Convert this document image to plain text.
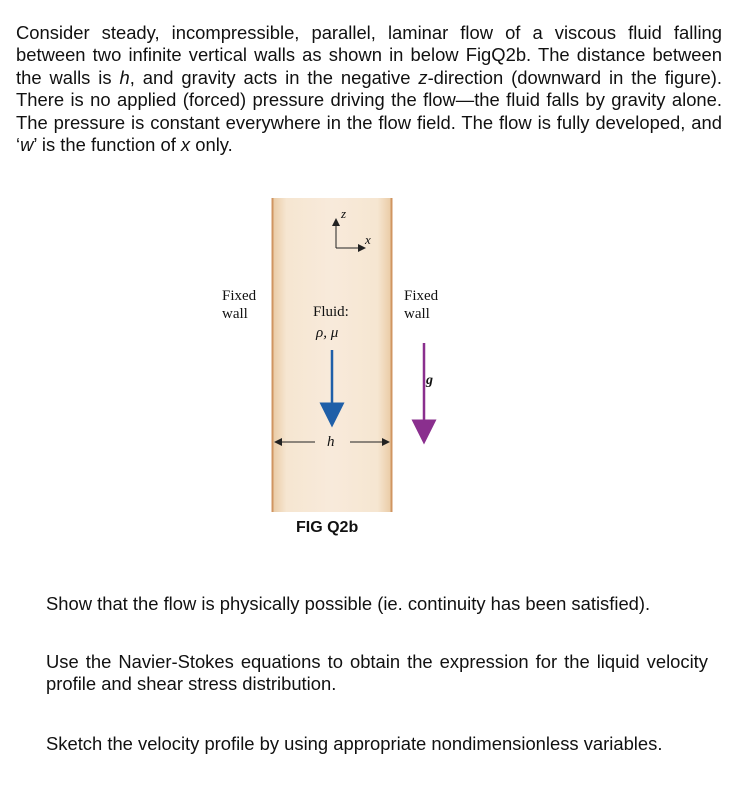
Consider steady, incompressible, parallel, laminar flow of a viscous fluid falling between two infinite vertical walls as shown in below FigQ2b. The distance between the walls is h, and gravity acts in the negative z-direction (downward in the figure). There is no applied (forced) pressure driving the flow—the fluid falls by gravity alone. The pressure is constant everywhere in the flow field. The flow is fully developed, and ‘w’ is the function of x only.

Fixed
wall
Fixed
wall
Fluid:
ρ, μ
z
x
h
g

FIG Q2b

Show that the flow is physically possible (ie. continuity has been satisfied).

Use the Navier-Stokes equations to obtain the expression for the liquid velocity profile and shear stress distribution.

Sketch the velocity profile by using appropriate nondimensionless variables.
